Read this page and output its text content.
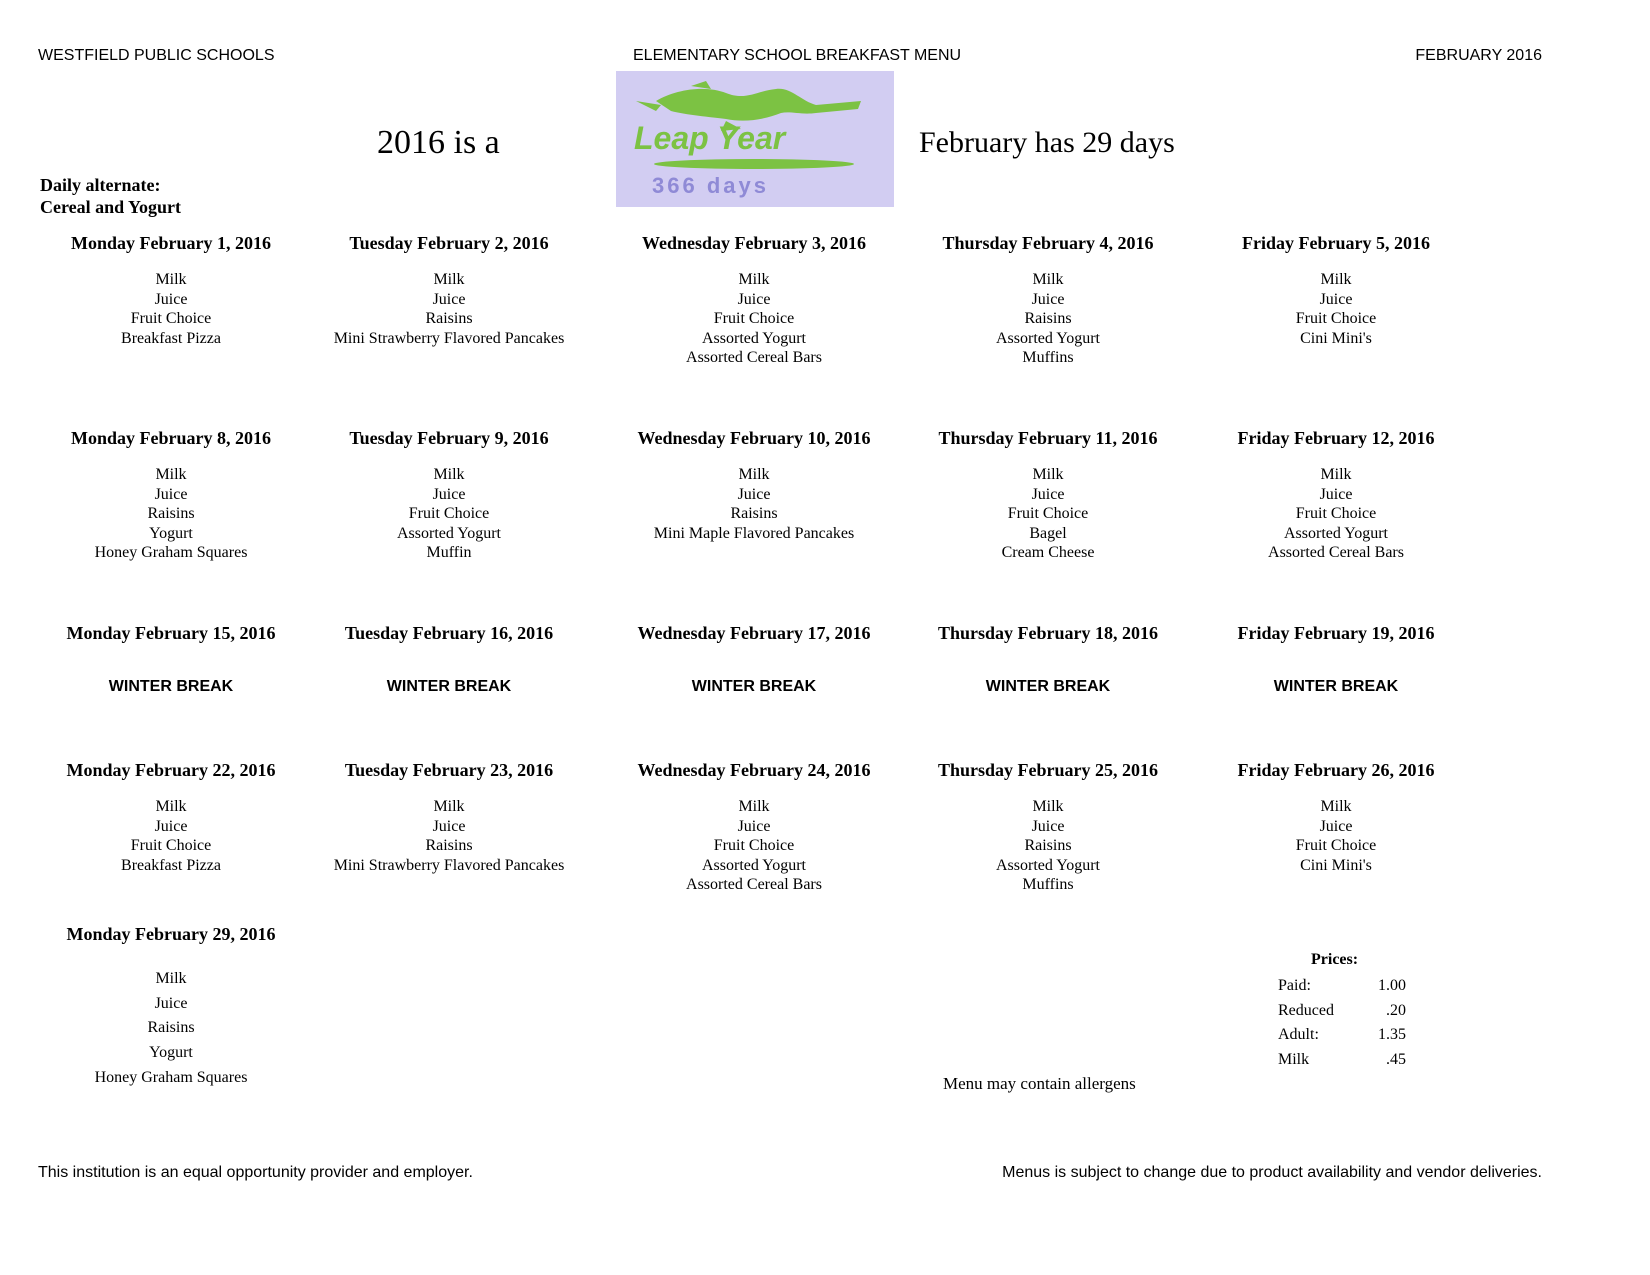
WESTFIELD PUBLIC SCHOOLS	ELEMENTARY SCHOOL BREAKFAST MENU	FEBRUARY 2016
2016 is a	Leap Year
366 days
February has 29 days
Daily alternate:
Cereal and Yogurt
Monday February 1, 2016
Milk
Juice
Fruit Choice
Breakfast Pizza
Tuesday February 2, 2016
Milk
Juice
Raisins
Mini Strawberry Flavored Pancakes
Wednesday February 3, 2016
Milk
Juice
Fruit Choice
Assorted Yogurt
Assorted Cereal Bars
Thursday February 4, 2016
Milk
Juice
Raisins
Assorted Yogurt
Muffins
Friday February 5, 2016
Milk
Juice
Fruit Choice
Cini Mini's
Monday February 8, 2016
Milk
Juice
Raisins
Yogurt
Honey Graham Squares
Tuesday February 9, 2016
Milk
Juice
Fruit Choice
Assorted Yogurt
Muffin
Wednesday February 10, 2016
Milk
Juice
Raisins
Mini Maple Flavored Pancakes
Thursday February 11, 2016
Milk
Juice
Fruit Choice
Bagel
Cream Cheese
Friday February 12, 2016
Milk
Juice
Fruit Choice
Assorted Yogurt
Assorted Cereal Bars
Monday February 15, 2016
WINTER BREAK
Tuesday February 16, 2016
WINTER BREAK
Wednesday February 17, 2016
WINTER BREAK
Thursday February 18, 2016
WINTER BREAK
Friday February 19, 2016
WINTER BREAK
Monday February 22, 2016
Milk
Juice
Fruit Choice
Breakfast Pizza
Tuesday February 23, 2016
Milk
Juice
Raisins
Mini Strawberry Flavored Pancakes
Wednesday February 24, 2016
Milk
Juice
Fruit Choice
Assorted Yogurt
Assorted Cereal Bars
Thursday February 25, 2016
Milk
Juice
Raisins
Assorted Yogurt
Muffins
Friday February 26, 2016
Milk
Juice
Fruit Choice
Cini Mini's
Monday February 29, 2016
Milk
Juice
Raisins
Yogurt
Honey Graham Squares	Menu may contain allergens
Prices:
Paid:	1.00
Reduced	.20
Adult:	1.35
Milk	.45
This institution is an equal opportunity provider and employer.	Menus is subject to change due to product availability and vendor deliveries.
